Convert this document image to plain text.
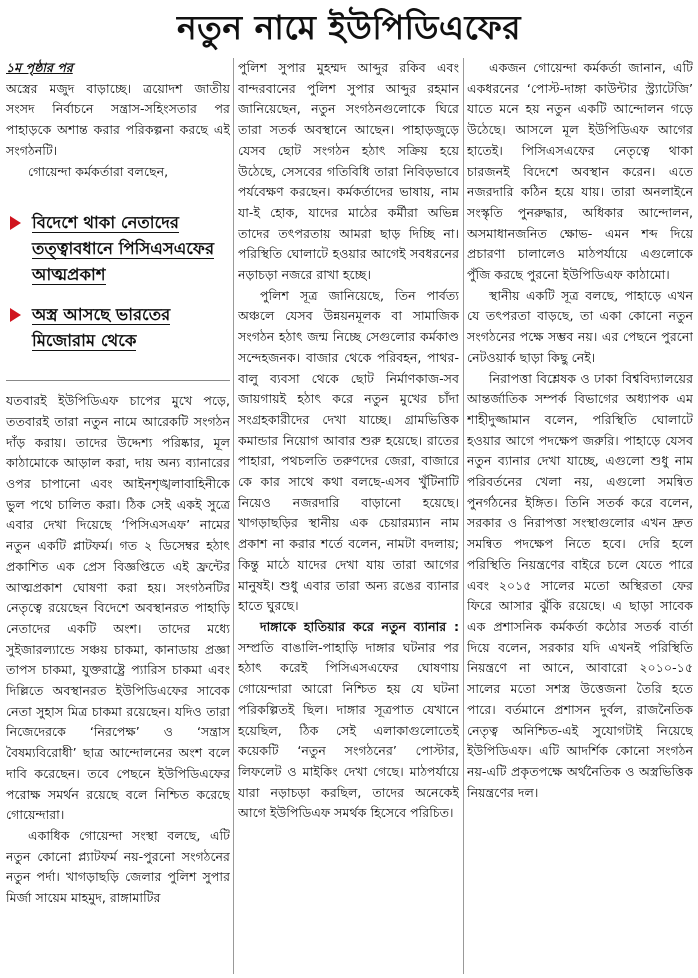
নতুন নামে ইউপিডিএফের

১ম পৃষ্ঠার পর

অস্ত্রের মজুদ বাড়াচ্ছে। ত্রয়োদশ জাতীয় সংসদ নির্বাচনে সন্ত্রাস-সহিংসতার পর পাহাড়কে অশান্ত করার পরিকল্পনা করছে এই সংগঠনটি।

গোয়েন্দা কর্মকর্তারা বলছেন,

বিদেশে থাকা নেতাদের তত্ত্বাবধানে পিসিএসএফের আত্মপ্রকাশ
অস্ত্র আসছে ভারতের মিজোরাম থেকে

যতবারই ইউপিডিএফ চাপের মুখে পড়ে, ততবারই তারা নতুন নামে আরেকটি সংগঠন দাঁড় করায়। তাদের উদ্দেশ্য পরিষ্কার, মূল কাঠামোকে আড়াল করা, দায় অন্য ব্যানারের ওপর চাপানো এবং আইনশৃঙ্খলাবাহিনীকে ভুল পথে চালিত করা। ঠিক সেই একই সুত্রে এবার দেখা দিয়েছে ‘পিসিএসএফ’ নামের নতুন একটি প্লাটফর্ম। গত ২ ডিসেম্বর হঠাৎ প্রকাশিত এক প্রেস বিজ্ঞপ্তিতে এই ফ্রন্টের আত্মপ্রকাশ ঘোষণা করা হয়। সংগঠনটির নেতৃত্বে রয়েছেন বিদেশে অবস্থানরত পাহাড়ি নেতাদের একটি অংশ। তাদের মধ্যে সুইজারল্যান্ডে সঞ্চয় চাকমা, কানাডায় প্রজ্ঞা তাপস চাকমা, যুক্তরাষ্ট্রে প্যারিস চাকমা এবং দিল্লিতে অবস্থানরত ইউপিডিএফের সাবেক নেতা সুহাস মিত্র চাকমা রয়েছেন। যদিও তারা নিজেদেরকে ‘নিরপেক্ষ’ ও ‘সন্ত্রাস বৈষম্যবিরোধী’ ছাত্র আন্দোলনের অংশ বলে দাবি করেছেন। তবে পেছনে ইউপিডিএফের পরোক্ষ সমর্থন রয়েছে বলে নিশ্চিত করেছে গোয়েন্দারা।

একাধিক গোয়েন্দা সংস্থা বলছে, এটি নতুন কোনো প্ল্যাটফর্ম নয়-পুরনো সংগঠনের নতুন পর্দা। খাগড়াছড়ি জেলার পুলিশ সুপার মির্জা সায়েম মাহমুদ, রাঙ্গামাটির

পুলিশ সুপার মুহম্মদ আব্দুর রকিব এবং বান্দরবানের পুলিশ সুপার আব্দুর রহমান জানিয়েছেন, নতুন সংগঠনগুলোকে ঘিরে তারা সতর্ক অবস্থানে আছেন। পাহাড়জুড়ে যেসব ছোট সংগঠন হঠাৎ সক্রিয় হয়ে উঠেছে, সেসবের গতিবিধি তারা নিবিড়ভাবে পর্যবেক্ষণ করছেন। কর্মকর্তাদের ভাষায়, নাম যা-ই হোক, যাদের মাঠের কর্মীরা অভিন্ন তাদের তৎপরতায় আমরা ছাড় দিচ্ছি না। পরিস্থিতি ঘোলাটে হওয়ার আগেই সবধরনের নড়াচড়া নজরে রাখা হচ্ছে।

পুলিশ সূত্র জানিয়েছে, তিন পার্বত্য অঞ্চলে যেসব উন্নয়নমূলক বা সামাজিক সংগঠন হঠাৎ জন্ম নিচ্ছে সেগুলোর কর্মকাণ্ড সন্দেহজনক। বাজার থেকে পরিবহন, পাথর-বালু ব্যবসা থেকে ছোট নির্মাণকাজ-সব জায়গায়ই হঠাৎ করে নতুন মুখের চাঁদা সংগ্রহকারীদের দেখা যাচ্ছে। গ্রামভিত্তিক কমান্ডার নিয়োগ আবার শুরু হয়েছে। রাতের পাহারা, পথচলতি তরুণদের জেরা, বাজারে কে কার সাথে কথা বলছে-এসব খুঁটিনাটি নিয়েও নজরদারি বাড়ানো হয়েছে। খাগড়াছড়ির স্থানীয় এক চেয়ারম্যান নাম প্রকাশ না করার শর্তে বলেন, নামটা বদলায়; কিন্তু মাঠে যাদের দেখা যায় তারা আগের মানুষই। শুধু এবার তারা অন্য রঙের ব্যানার হাতে ঘুরছে।

দাঙ্গাকে হাতিয়ার করে নতুন ব্যানার : সম্প্রতি বাঙালি-পাহাড়ি দাঙ্গার ঘটনার পর হঠাৎ করেই পিসিএসএফের ঘোষণায় গোয়েন্দারা আরো নিশ্চিত হয় যে ঘটনা পরিকল্পিতই ছিল। দাঙ্গার সূত্রপাত যেখানে হয়েছিল, ঠিক সেই এলাকাগুলোতেই কয়েকটি ‘নতুন সংগঠনের’ পোস্টার, লিফলেট ও মাইকিং দেখা গেছে। মাঠপর্যায়ে যারা নড়াচড়া করছিল, তাদের অনেকেই আগে ইউপিডিএফ সমর্থক হিসেবে পরিচিত।

একজন গোয়েন্দা কর্মকর্তা জানান, এটি একধরনের ‘পোস্ট-দাঙ্গা কাউন্টার স্ট্র্যাটেজি’ যাতে মনে হয় নতুন একটি আন্দোলন গড়ে উঠেছে। আসলে মূল ইউপিডিএফ আগের হাতেই। পিসিএসএফের নেতৃত্বে থাকা চারজনই বিদেশে অবস্থান করেন। এতে নজরদারি কঠিন হয়ে যায়। তারা অনলাইনে সংস্কৃতি পুনরুদ্ধার, অধিকার আন্দোলন, অসমাধানজনিত ক্ষোভ- এমন শব্দ দিয়ে প্রচারণা চালালেও মাঠপর্যায়ে এগুলোকে পুঁজি করছে পুরনো ইউপিডিএফ কাঠামো।

স্থানীয় একটি সূত্র বলছে, পাহাড়ে এখন যে তৎপরতা বাড়ছে, তা একা কোনো নতুন সংগঠনের পক্ষে সম্ভব নয়। এর পেছনে পুরনো নেটওয়ার্ক ছাড়া কিছু নেই।

নিরাপত্তা বিশ্লেষক ও ঢাকা বিশ্ববিদ্যালয়ের আন্তর্জাতিক সম্পর্ক বিভাগের অধ্যাপক এম শাহীদুজ্জামান বলেন, পরিস্থিতি ঘোলাটে হওয়ার আগে পদক্ষেপ জরুরি। পাহাড়ে যেসব নতুন ব্যানার দেখা যাচ্ছে, এগুলো শুধু নাম পরিবর্তনের খেলা নয়, এগুলো সমন্বিত পুনর্গঠনের ইঙ্গিত। তিনি সতর্ক করে বলেন, সরকার ও নিরাপত্তা সংস্থাগুলোর এখন দ্রুত সমন্বিত পদক্ষেপ নিতে হবে। দেরি হলে পরিস্থিতি নিয়ন্ত্রণের বাইরে চলে যেতে পারে এবং ২০১৫ সালের মতো অস্থিরতা ফের ফিরে আসার ঝুঁকি রয়েছে। এ ছাড়া সাবেক এক প্রশাসনিক কর্মকর্তা কঠোর সতর্ক বার্তা দিয়ে বলেন, সরকার যদি এখনই পরিস্থিতি নিয়ন্ত্রণে না আনে, আবারো ২০১০-১৫ সালের মতো সশস্ত্র উত্তেজনা তৈরি হতে পারে। বর্তমানে প্রশাসন দুর্বল, রাজনৈতিক নেতৃত্ব অনিশ্চিত-এই সুযোগটাই নিয়েছে ইউপিডিএফ। এটি আদর্শিক কোনো সংগঠন নয়-এটি প্রকৃতপক্ষে অর্থনৈতিক ও অস্ত্রভিত্তিক নিয়ন্ত্রণের দল।
